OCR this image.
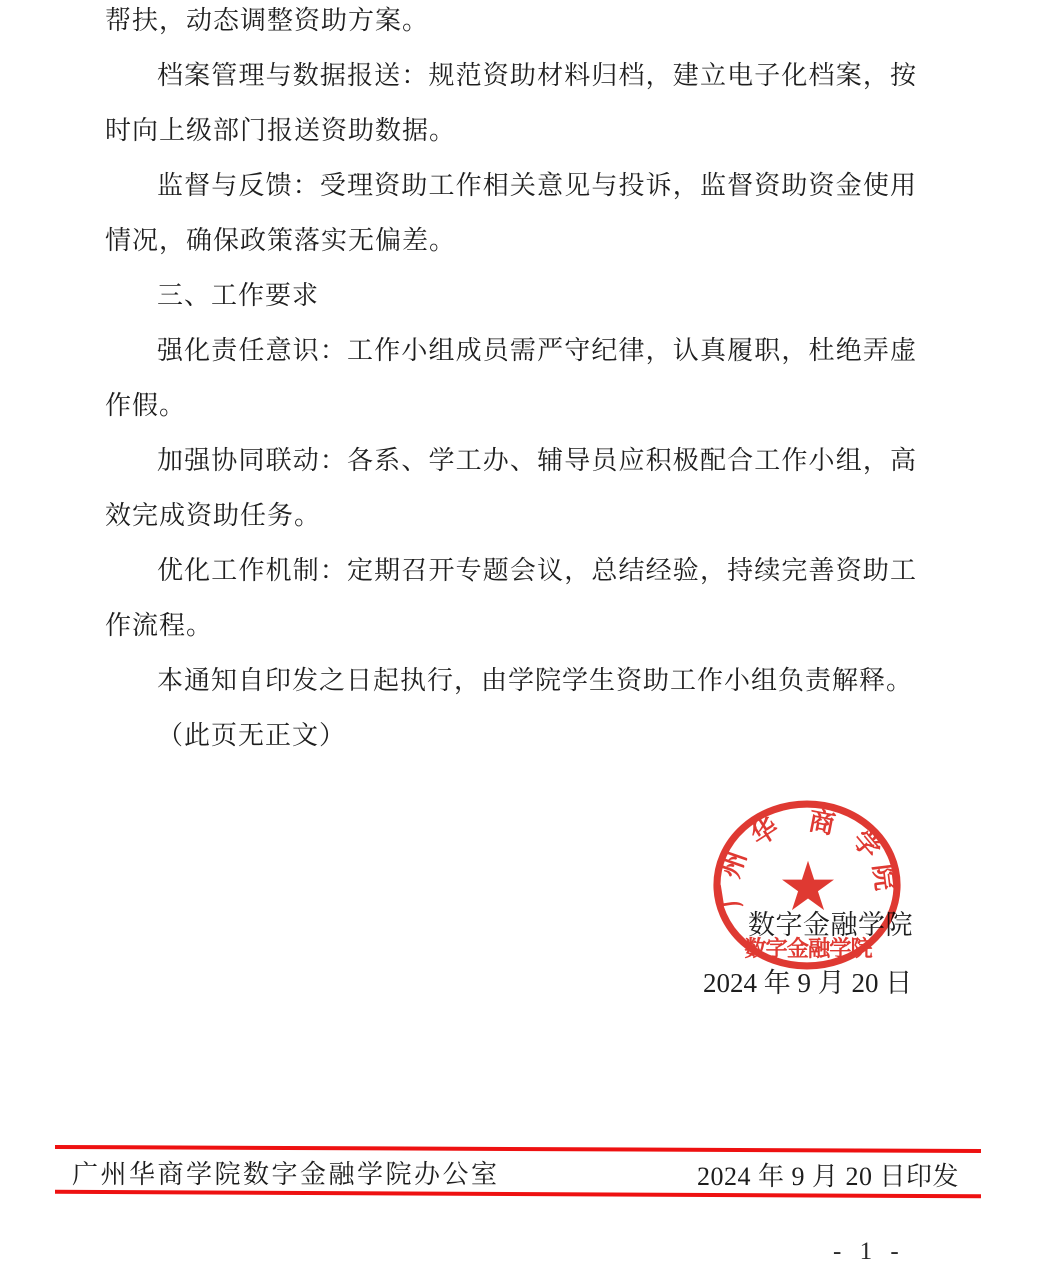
帮扶，动态调整资助方案。
档案管理与数据报送：规范资助材料归档，建立电子化档案，按
时向上级部门报送资助数据。
监督与反馈：受理资助工作相关意见与投诉，监督资助资金使用
情况，确保政策落实无偏差。
三、工作要求
强化责任意识：工作小组成员需严守纪律，认真履职，杜绝弄虚
作假。
加强协同联动：各系、学工办、辅导员应积极配合工作小组，高
效完成资助任务。
优化工作机制：定期召开专题会议，总结经验，持续完善资助工
作流程。
本通知自印发之日起执行，由学院学生资助工作小组负责解释。
（此页无正文）
数字金融学院
2024 年 9 月 20 日
广
州
华 商
学
院
数字金融学院
广州华商学院数字金融学院办公室	2024 年 9 月 20 日印发
- 1 -
